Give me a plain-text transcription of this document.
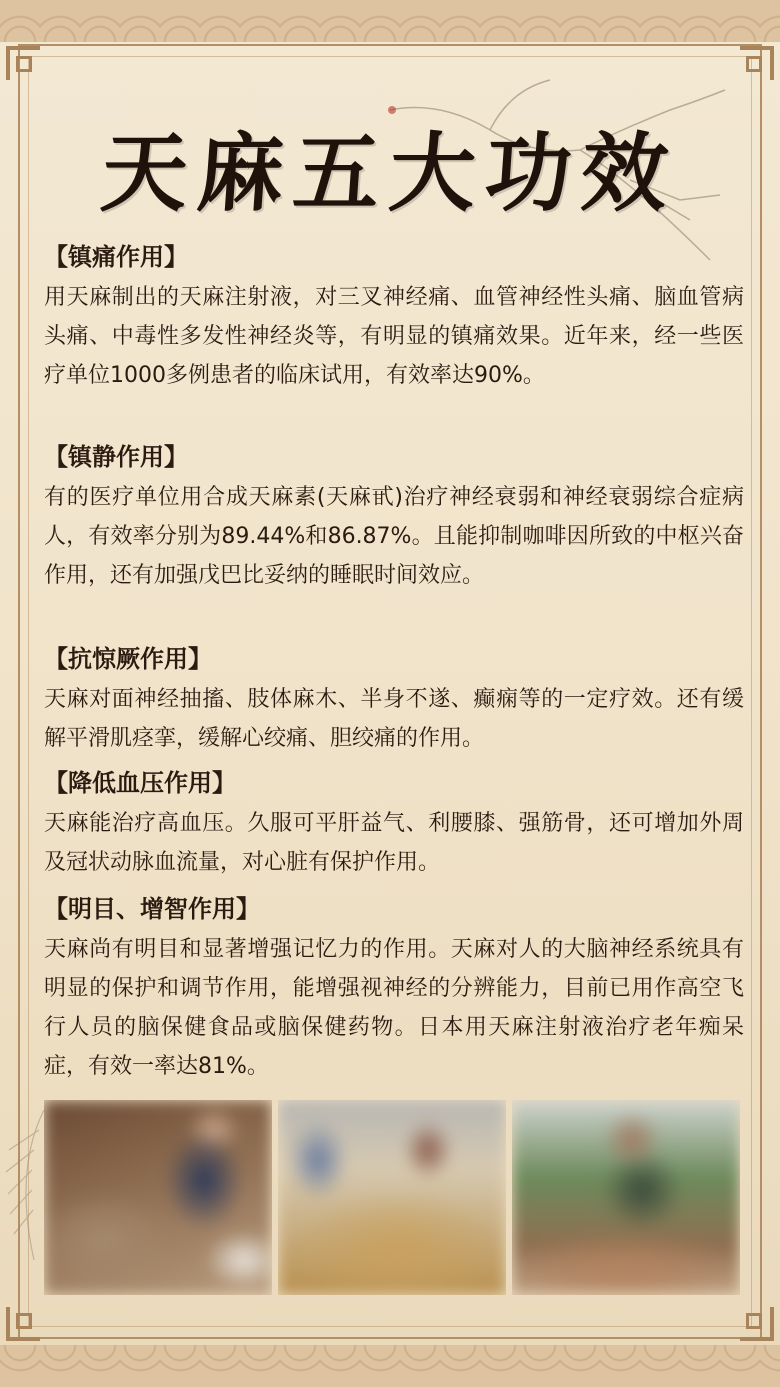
天麻五大功效
【镇痛作用】

用天麻制出的天麻注射液，对三叉神经痛、血管神经性头痛、脑血管病头痛、中毒性多发性神经炎等，有明显的镇痛效果。近年来，经一些医疗单位1000多例患者的临床试用，有效率达90%。

【镇静作用】

有的医疗单位用合成天麻素(天麻甙)治疗神经衰弱和神经衰弱综合症病人，有效率分别为89.44%和86.87%。且能抑制咖啡因所致的中枢兴奋作用，还有加强戊巴比妥纳的睡眠时间效应。

【抗惊厥作用】

天麻对面神经抽搐、肢体麻木、半身不遂、癫痫等的一定疗效。还有缓解平滑肌痉挛，缓解心绞痛、胆绞痛的作用。

【降低血压作用】

天麻能治疗高血压。久服可平肝益气、利腰膝、强筋骨，还可增加外周及冠状动脉血流量，对心脏有保护作用。

【明目、增智作用】

天麻尚有明目和显著增强记忆力的作用。天麻对人的大脑神经系统具有明显的保护和调节作用，能增强视神经的分辨能力，目前已用作高空飞行人员的脑保健食品或脑保健药物。日本用天麻注射液治疗老年痴呆症，有效一率达81%。
